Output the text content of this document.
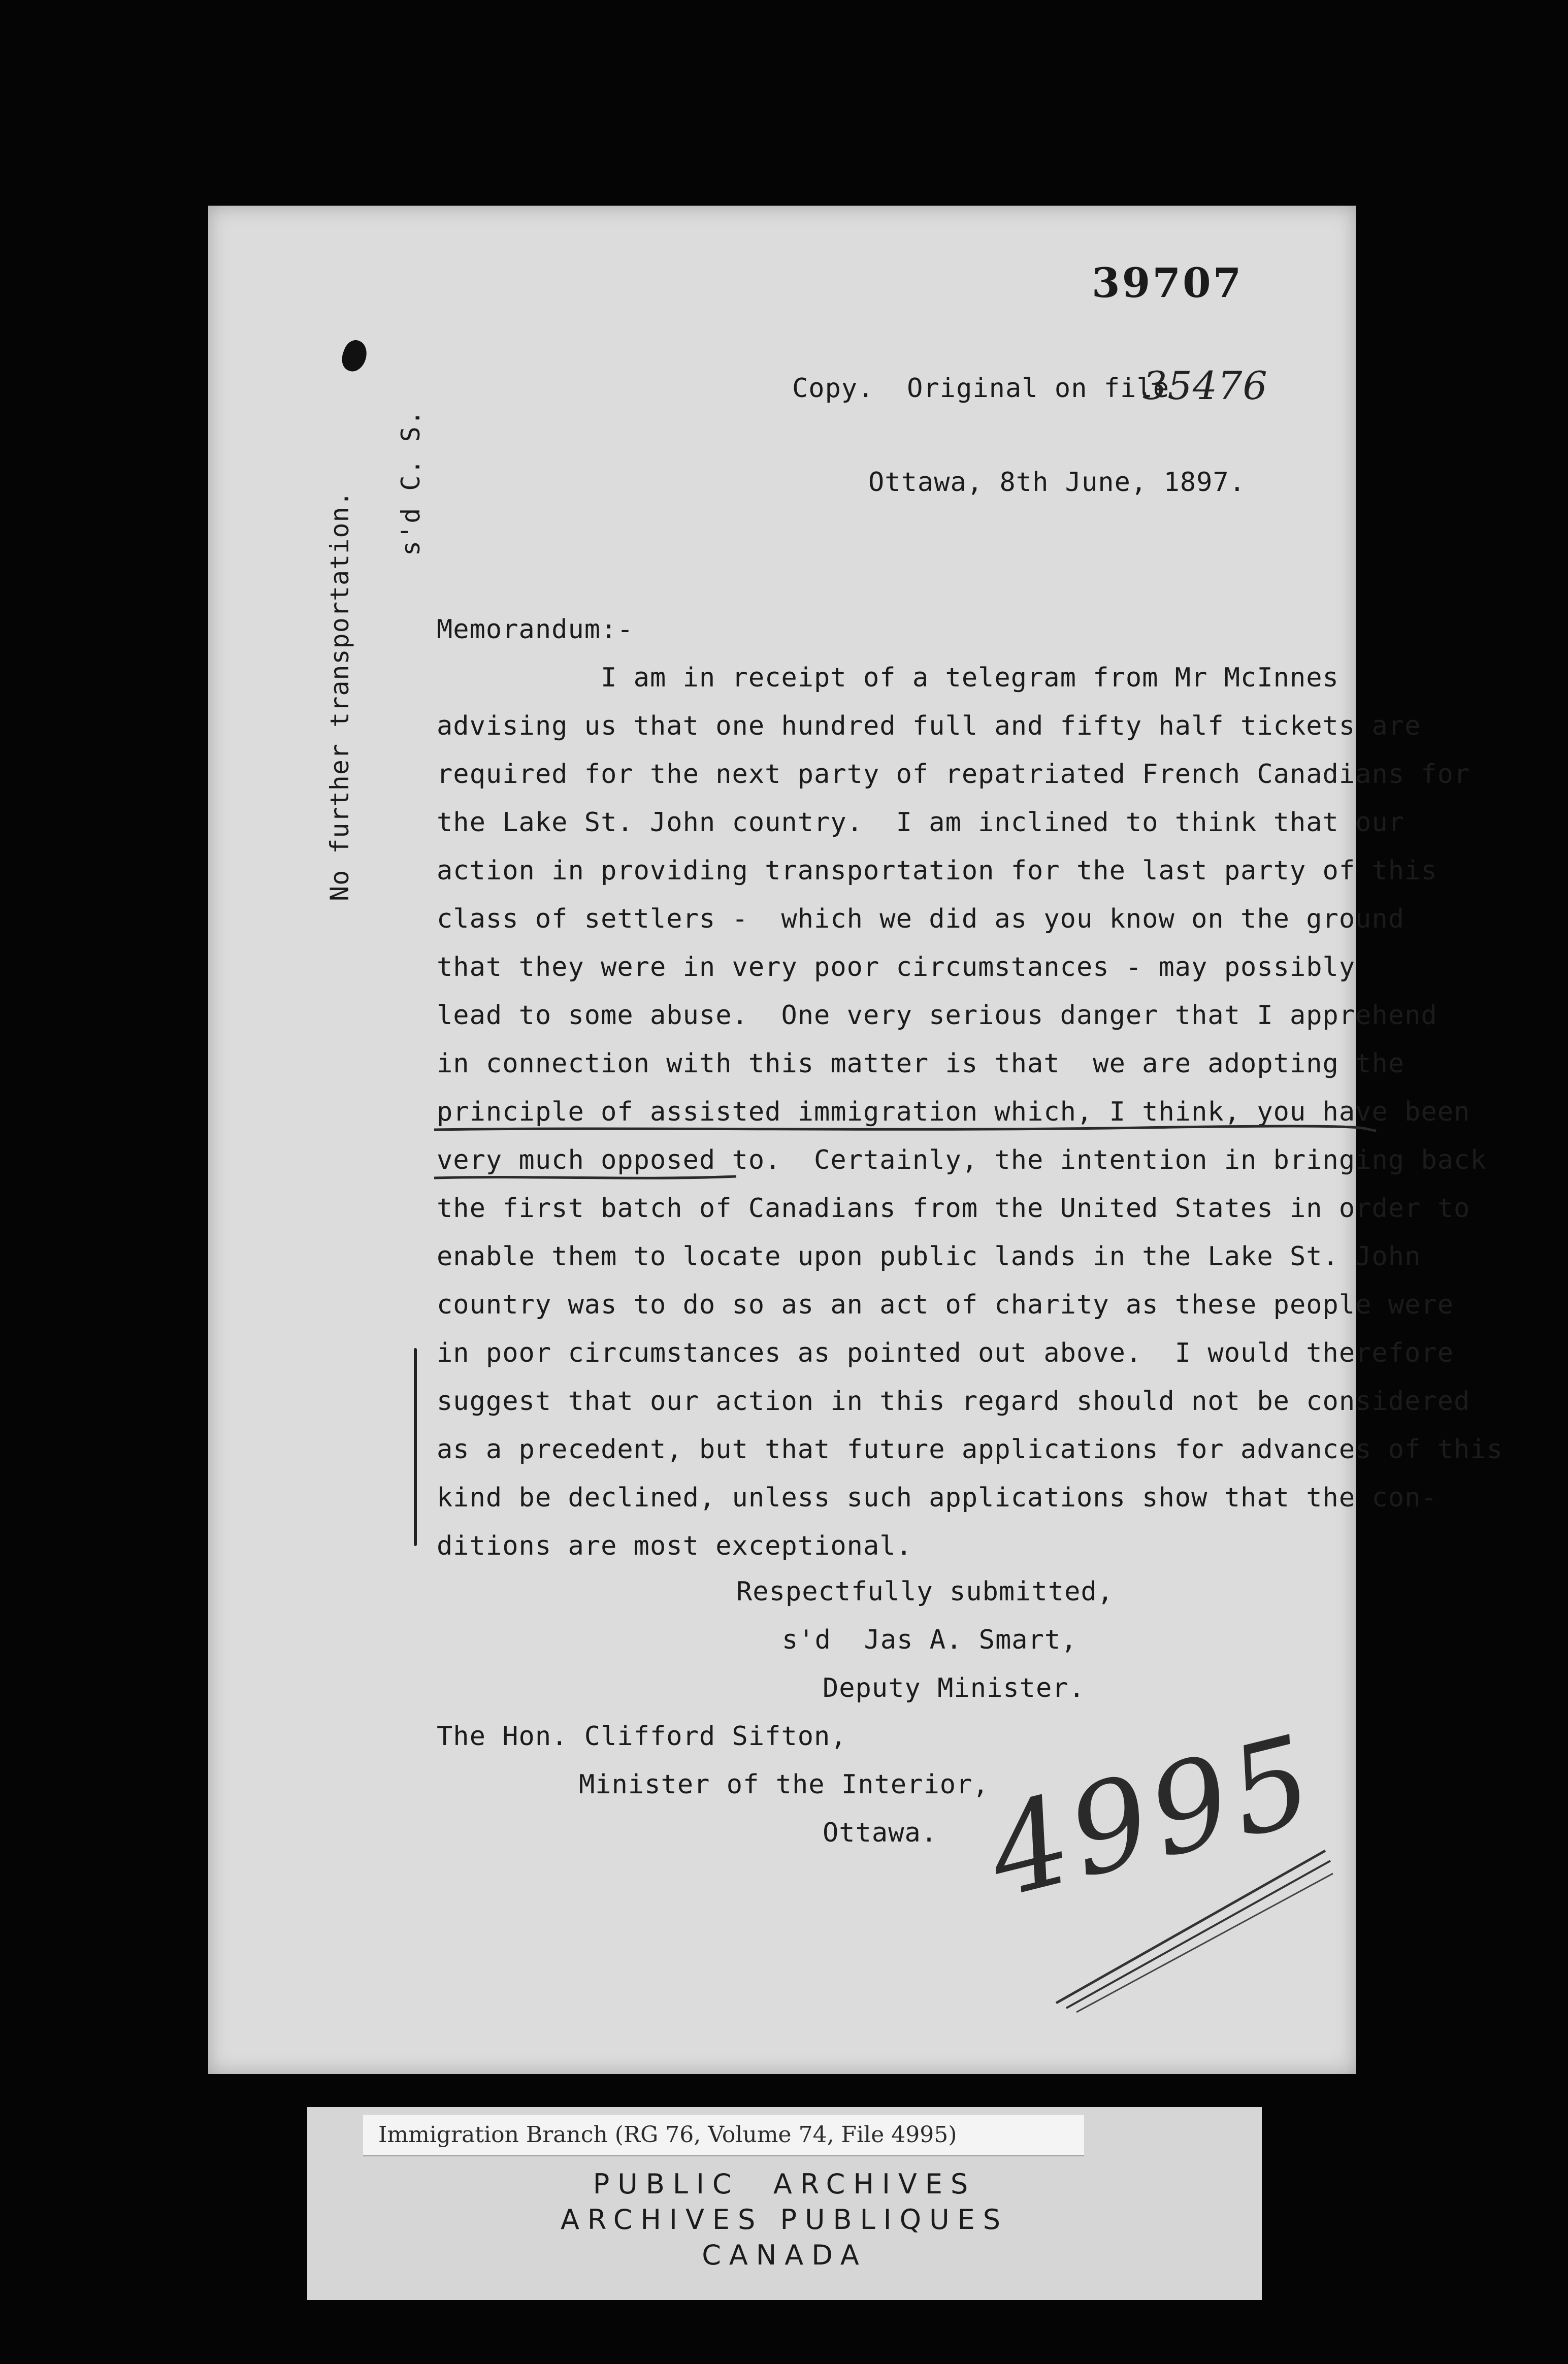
39707
Copy.  Original on file
35476
Ottawa, 8th June, 1897.
No further transportation.
s'd C. S.
Memorandum:-
I am in receipt of a telegram from Mr McInnes
advising us that one hundred full and fifty half tickets are
required for the next party of repatriated French Canadians for
the Lake St. John country.  I am inclined to think that our
action in providing transportation for the last party of this
class of settlers -  which we did as you know on the ground
that they were in very poor circumstances - may possibly
lead to some abuse.  One very serious danger that I apprehend
in connection with this matter is that  we are adopting the
principle of assisted immigration which, I think, you have been
very much opposed to.  Certainly, the intention in bringing back
the first batch of Canadians from the United States in order to
enable them to locate upon public lands in the Lake St. John
country was to do so as an act of charity as these people were
in poor circumstances as pointed out above.  I would therefore
suggest that our action in this regard should not be considered
as a precedent, but that future applications for advances of this
kind be declined, unless such applications show that the con-
ditions are most exceptional.
Respectfully submitted,
s'd  Jas A. Smart,
Deputy Minister.
The Hon. Clifford Sifton,
Minister of the Interior,
Ottawa. 4995
Immigration Branch (RG 76, Volume 74, File 4995)
PUBLIC  ARCHIVES
ARCHIVES PUBLIQUES
CANADA
